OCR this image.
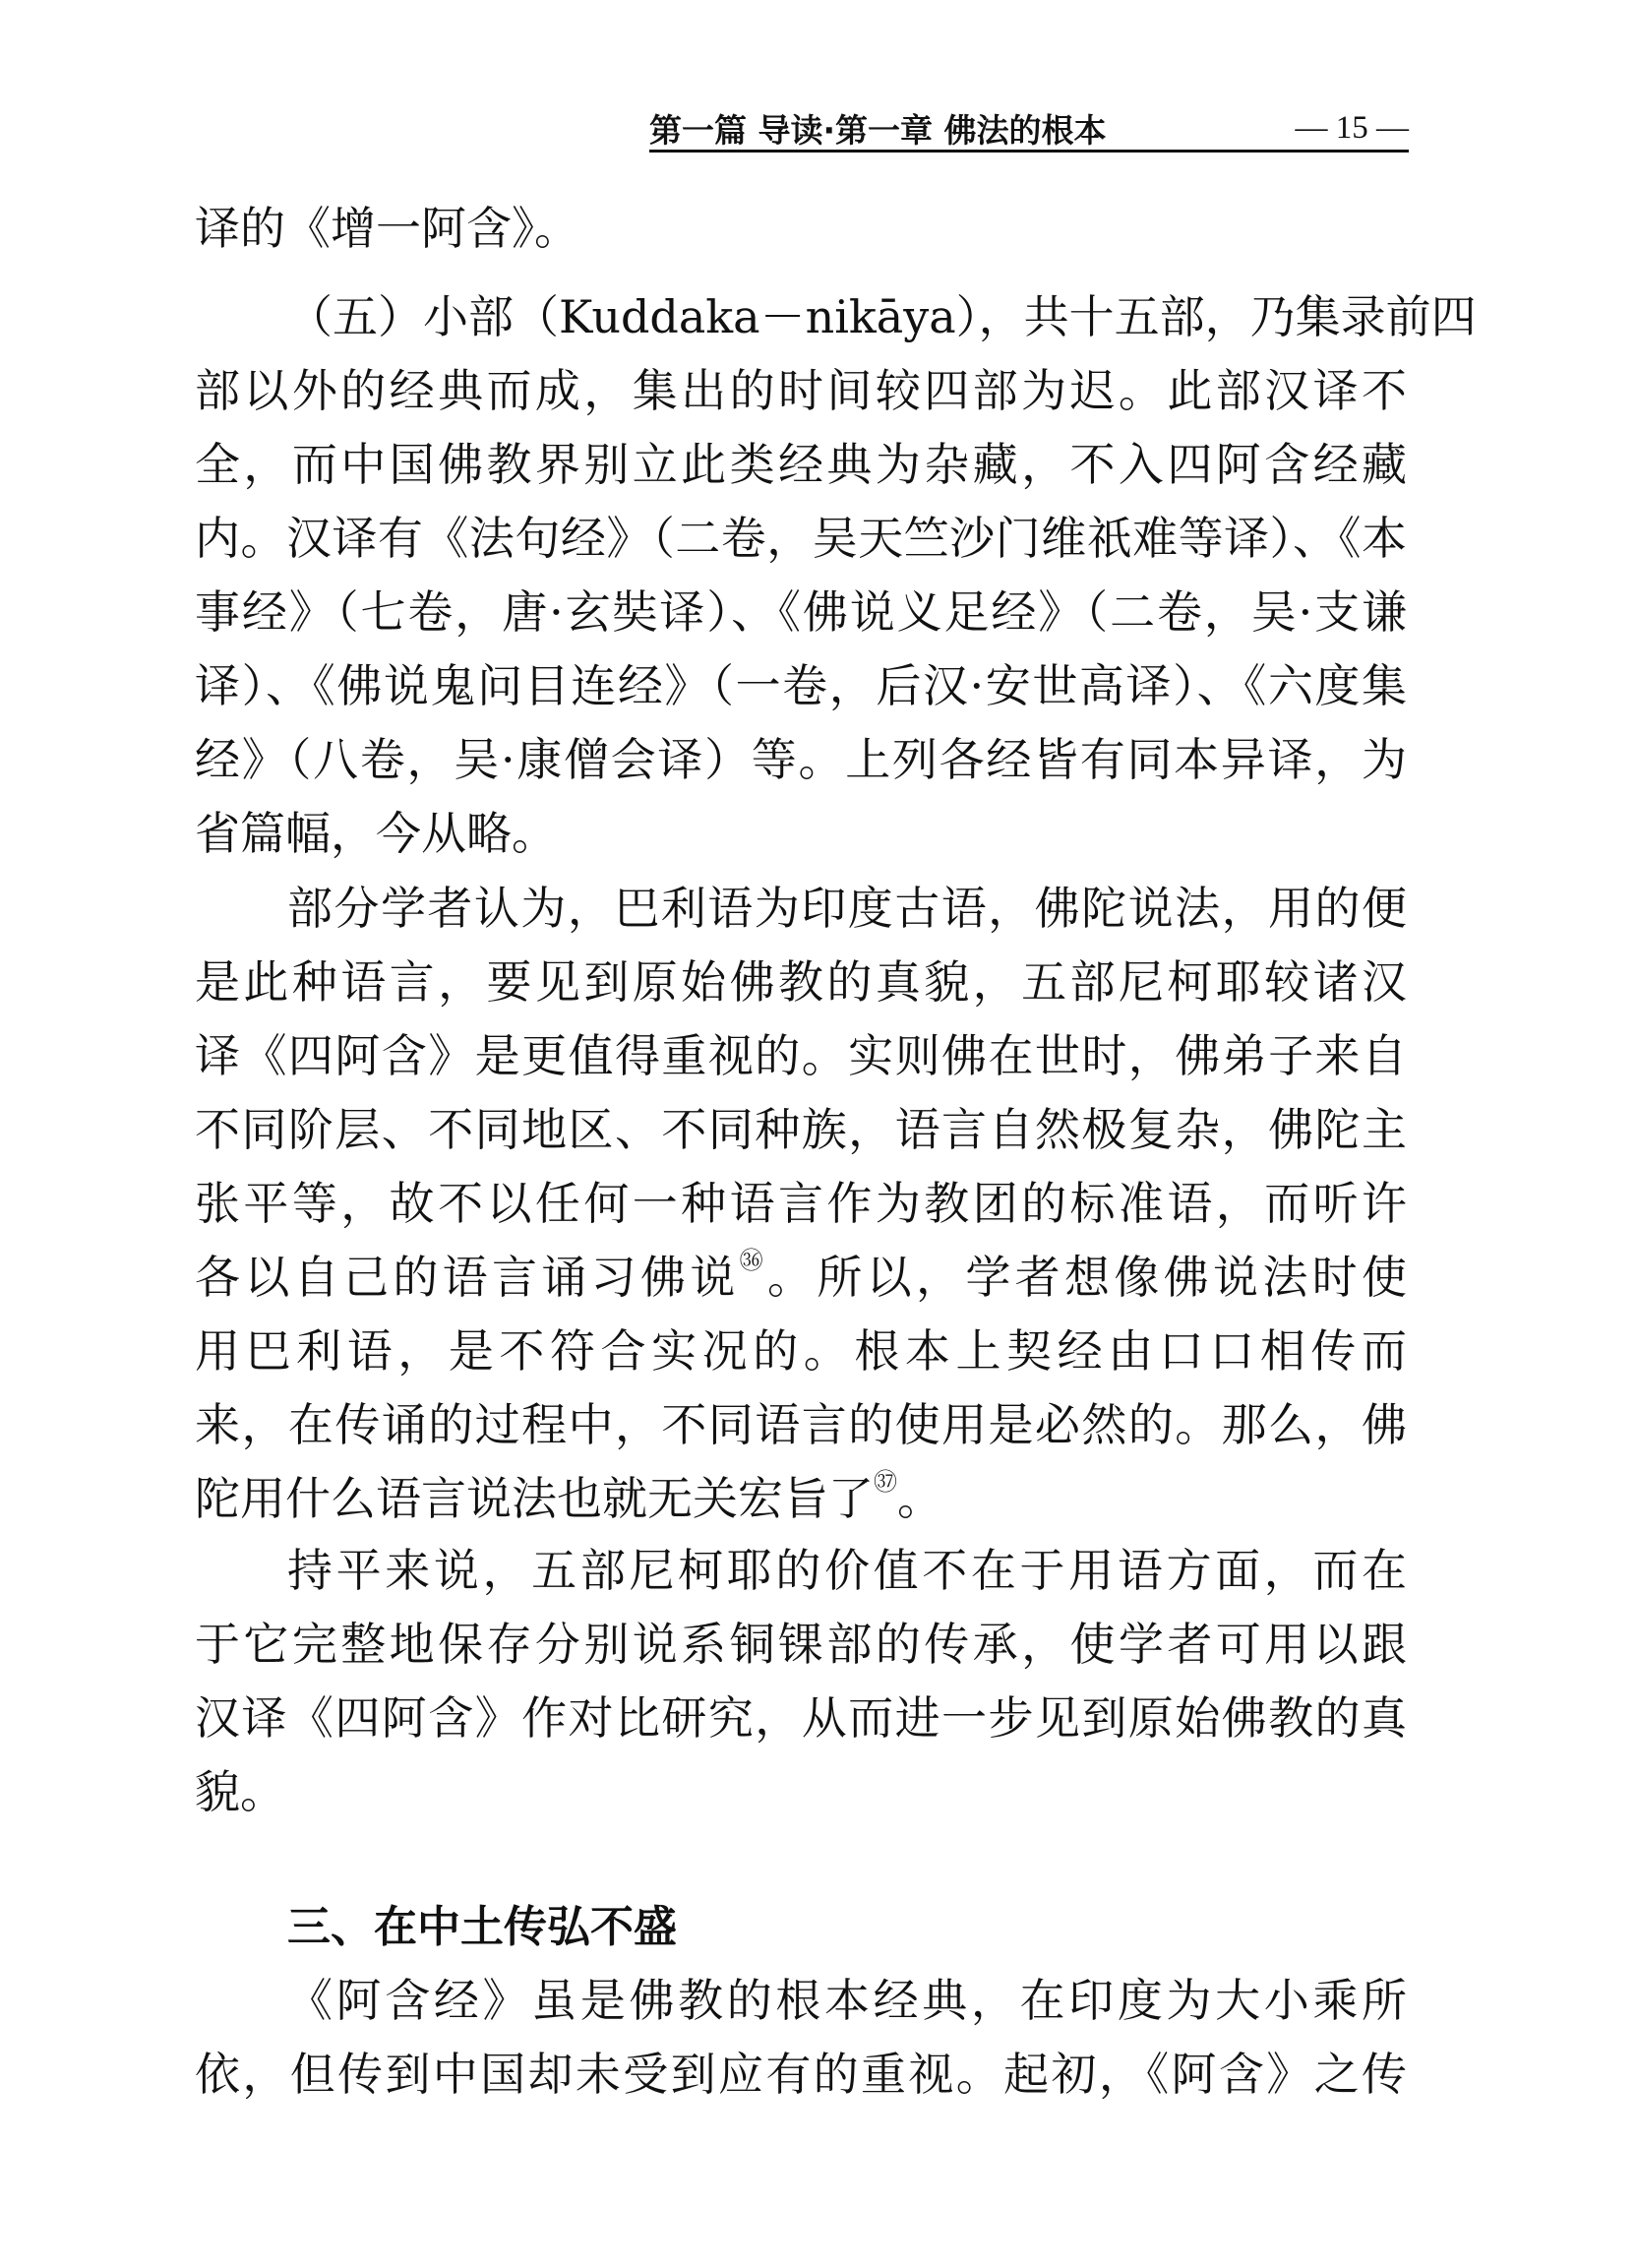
第一篇 导读·第一章 佛法的根本	— 15 —
译的《增一阿含》。
（五）小部（Kuddaka－nikāya），共十五部，乃集录前四
部以外的经典而成，集出的时间较四部为迟。此部汉译不
全，而中国佛教界别立此类经典为杂藏，不入四阿含经藏
内。汉译有《法句经》（二卷，吴天竺沙门维祇难等译）、《本
事经》（七卷，唐·玄奘译）、《佛说义足经》（二卷，吴·支谦
译）、《佛说鬼问目连经》（一卷，后汉·安世高译）、《六度集
经》（八卷，吴·康僧会译）等。上列各经皆有同本异译，为
省篇幅，今从略。
部分学者认为，巴利语为印度古语，佛陀说法，用的便
是此种语言，要见到原始佛教的真貌，五部尼柯耶较诸汉
译《四阿含》是更值得重视的。实则佛在世时，佛弟子来自
不同阶层、不同地区、不同种族，语言自然极复杂，佛陀主
张平等，故不以任何一种语言作为教团的标准语，而听许
各以自己的语言诵习佛说$^㊱$。所以，学者想像佛说法时使
用巴利语，是不符合实况的。根本上契经由口口相传而
来，在传诵的过程中，不同语言的使用是必然的。那么，佛
陀用什么语言说法也就无关宏旨了$^㊲$。
持平来说，五部尼柯耶的价值不在于用语方面，而在
于它完整地保存分别说系铜锞部的传承，使学者可用以跟
汉译《四阿含》作对比研究，从而进一步见到原始佛教的真
貌。
三、在中土传弘不盛
《阿含经》虽是佛教的根本经典，在印度为大小乘所
依，但传到中国却未受到应有的重视。起初，《阿含》之传
